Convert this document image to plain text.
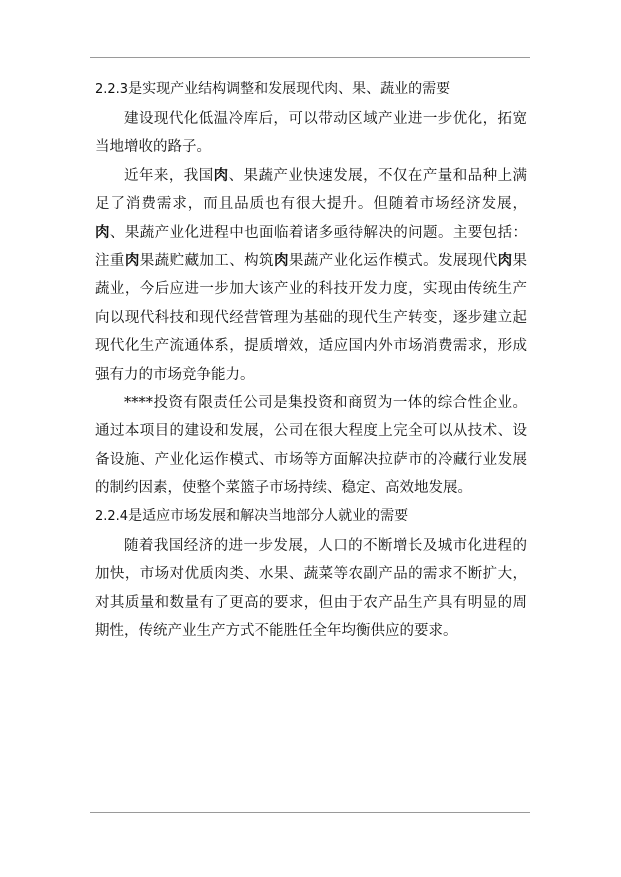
2.2.3是实现产业结构调整和发展现代肉、果、蔬业的需要

建设现代化低温冷库后，可以带动区域产业进一步优化，拓宽当地增收的路子。

近年来，我国肉、果蔬产业快速发展，不仅在产量和品种上满足了消费需求，而且品质也有很大提升。但随着市场经济发展，肉、果蔬产业化进程中也面临着诸多亟待解决的问题。主要包括：注重肉果蔬贮藏加工、构筑肉果蔬产业化运作模式。发展现代肉果蔬业，今后应进一步加大该产业的科技开发力度，实现由传统生产向以现代科技和现代经营管理为基础的现代生产转变，逐步建立起现代化生产流通体系，提质增效，适应国内外市场消费需求，形成强有力的市场竞争能力。

****投资有限责任公司是集投资和商贸为一体的综合性企业。通过本项目的建设和发展，公司在很大程度上完全可以从技术、设备设施、产业化运作模式、市场等方面解决拉萨市的冷藏行业发展的制约因素，使整个菜篮子市场持续、稳定、高效地发展。

2.2.4是适应市场发展和解决当地部分人就业的需要

随着我国经济的进一步发展，人口的不断增长及城市化进程的加快，市场对优质肉类、水果、蔬菜等农副产品的需求不断扩大，对其质量和数量有了更高的要求，但由于农产品生产具有明显的周期性，传统产业生产方式不能胜任全年均衡供应的要求。
